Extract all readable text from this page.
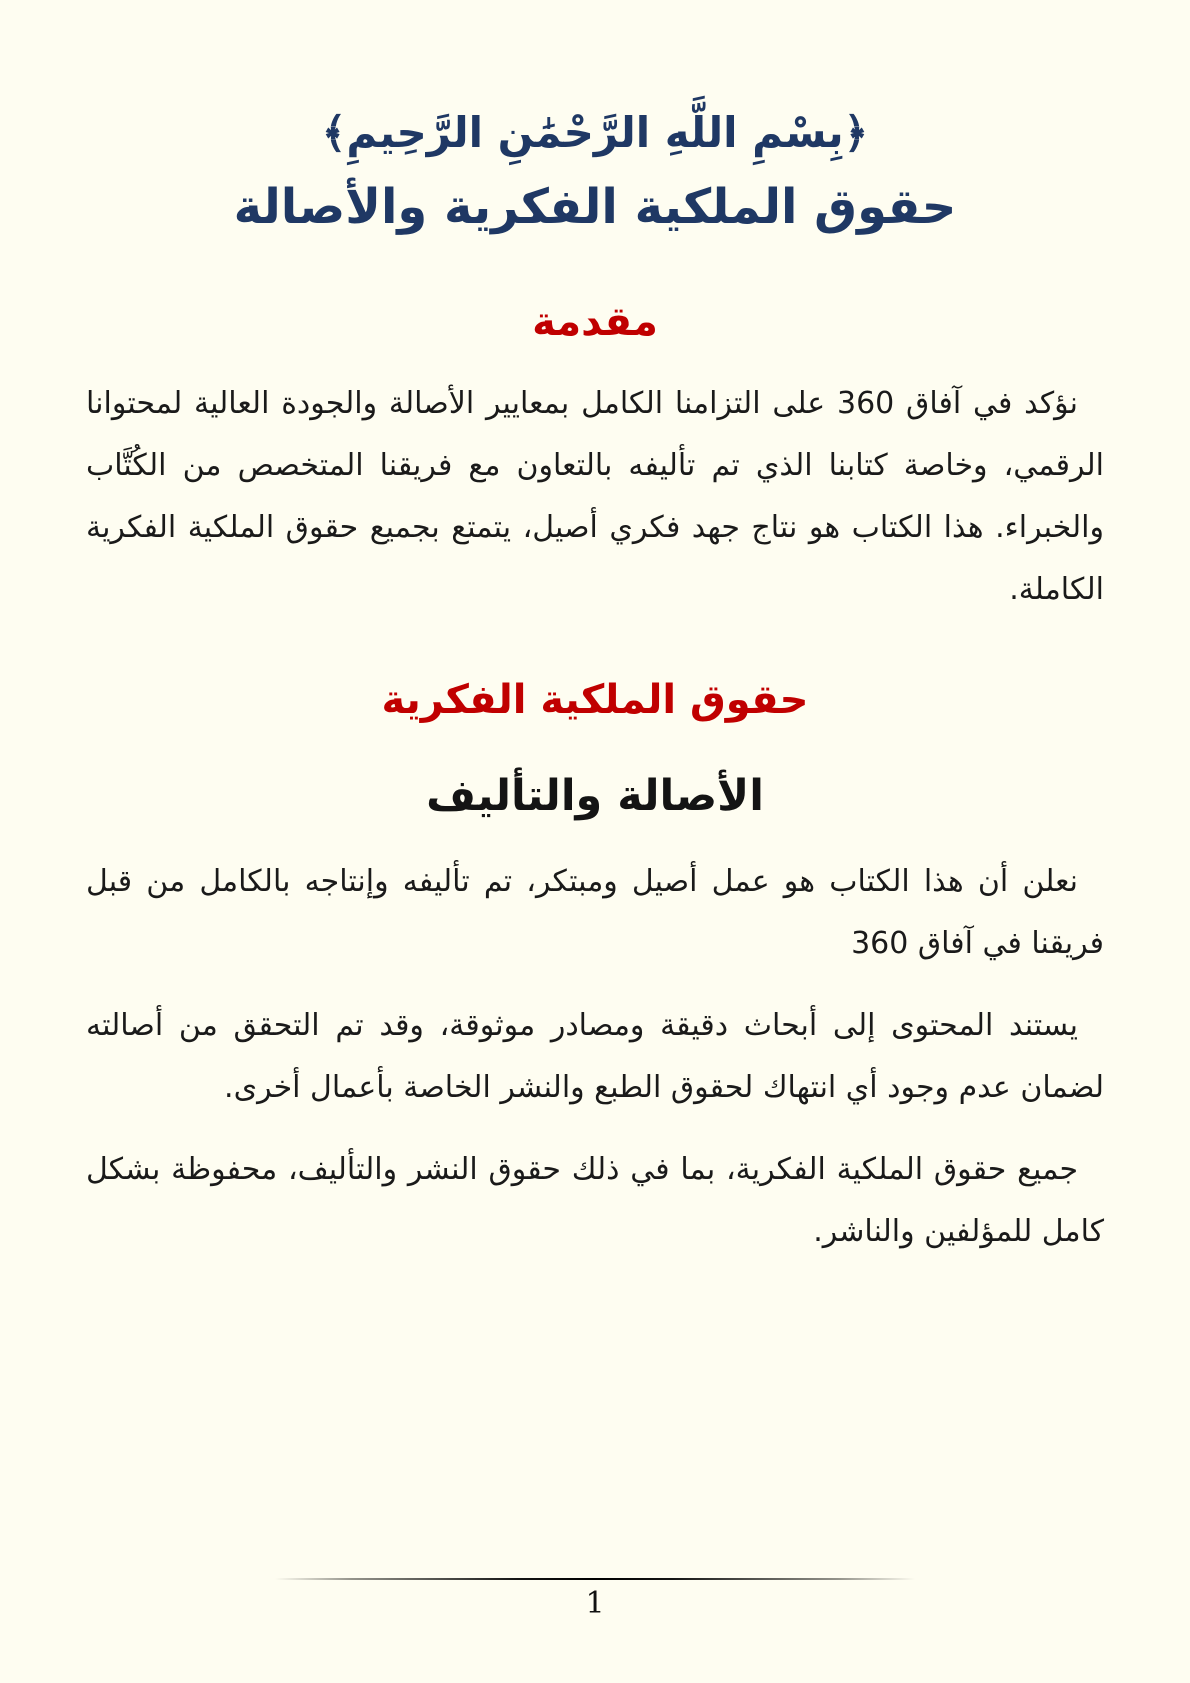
﴿بِسْمِ اللَّهِ الرَّحْمَٰنِ الرَّحِيمِ﴾
حقوق الملكية الفكرية والأصالة
مقدمة

نؤكد في آفاق 360 على التزامنا الكامل بمعايير الأصالة والجودة العالية لمحتوانا الرقمي، وخاصة كتابنا الذي تم تأليفه بالتعاون مع فريقنا المتخصص من الكُتَّاب والخبراء. هذا الكتاب هو نتاج جهد فكري أصيل، يتمتع بجميع حقوق الملكية الفكرية الكاملة.

حقوق الملكية الفكرية
الأصالة والتأليف

نعلن أن هذا الكتاب هو عمل أصيل ومبتكر، تم تأليفه وإنتاجه بالكامل من قبل فريقنا في آفاق 360

يستند المحتوى إلى أبحاث دقيقة ومصادر موثوقة، وقد تم التحقق من أصالته لضمان عدم وجود أي انتهاك لحقوق الطبع والنشر الخاصة بأعمال أخرى.

جميع حقوق الملكية الفكرية، بما في ذلك حقوق النشر والتأليف، محفوظة بشكل كامل للمؤلفين والناشر.

1
